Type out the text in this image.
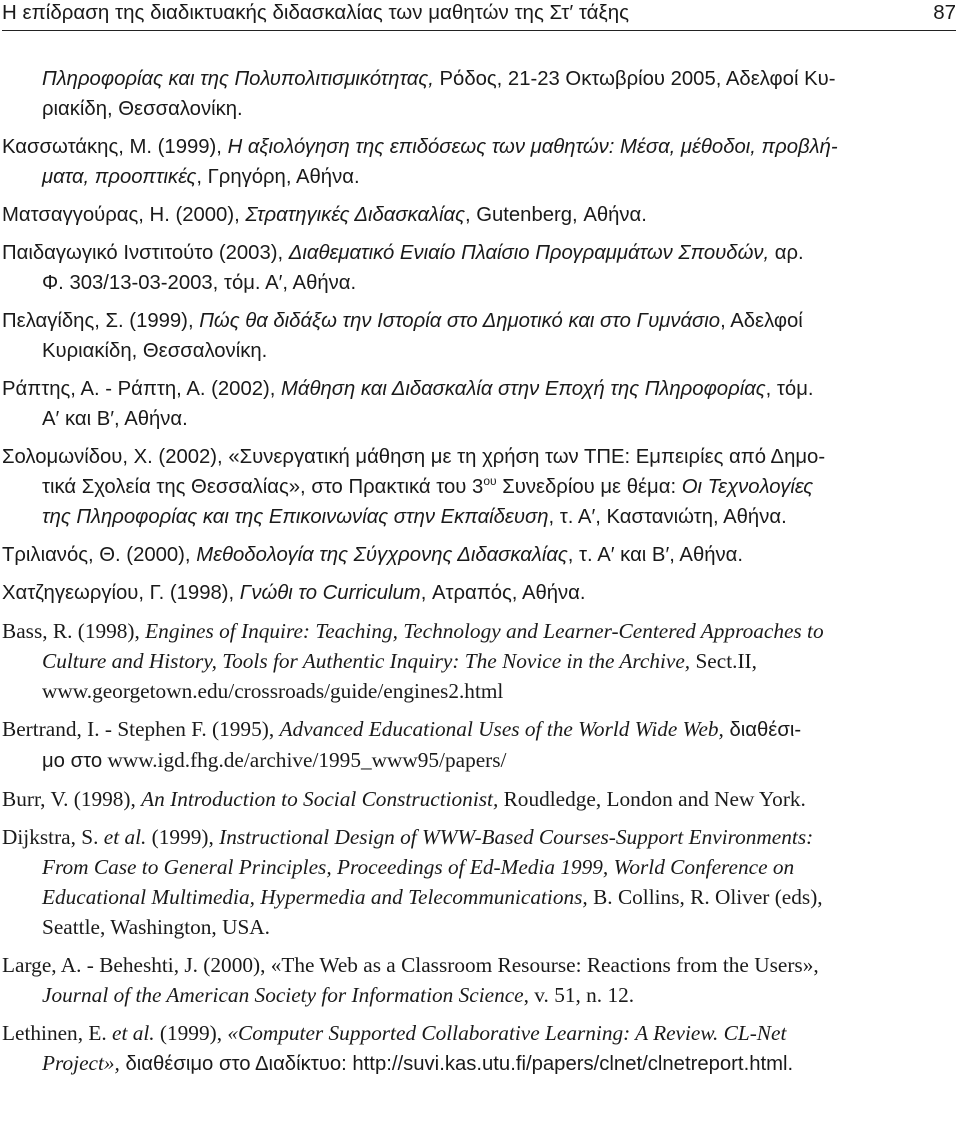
Η επίδραση της διαδικτυακής διδασκαλίας των μαθητών της Στ′ τάξης	87
Πληροφορίας και της Πολυπολιτισμικότητας, Ρόδος, 21-23 Οκτωβρίου 2005, Αδελφοί Κυ-
ριακίδη, Θεσσαλονίκη.
Κασσωτάκης, Μ. (1999), Η αξιολόγηση της επιδόσεως των μαθητών: Μέσα, μέθοδοι, προβλή-
ματα, προοπτικές, Γρηγόρη, Αθήνα.
Ματσαγγούρας, Η. (2000), Στρατηγικές Διδασκαλίας, Gutenberg, Αθήνα.
Παιδαγωγικό Ινστιτούτο (2003), Διαθεματικό Ενιαίο Πλαίσιο Προγραμμάτων Σπουδών, αρ.
Φ. 303/13-03-2003, τόμ. Α′, Αθήνα.
Πελαγίδης, Σ. (1999), Πώς θα διδάξω την Ιστορία στο Δημοτικό και στο Γυμνάσιο, Αδελφοί
Κυριακίδη, Θεσσαλονίκη.
Ράπτης, Α. - Ράπτη, Α. (2002), Μάθηση και Διδασκαλία στην Εποχή της Πληροφορίας, τόμ.
Α′ και Β′, Αθήνα.
Σολομωνίδου, Χ. (2002), «Συνεργατική μάθηση με τη χρήση των ΤΠΕ: Εμπειρίες από Δημο-
τικά Σχολεία της Θεσσαλίας», στο Πρακτικά του $3^{o\upsilon}$ Συνεδρίου με θέμα: Οι Τεχνολογίες
της Πληροφορίας και της Επικοινωνίας στην Εκπαίδευση, τ. Α′, Καστανιώτη, Αθήνα.
Τριλιανός, Θ. (2000), Μεθοδολογία της Σύγχρονης Διδασκαλίας, τ. Α′ και Β′, Αθήνα.
Χατζηγεωργίου, Γ. (1998), Γνώθι το Curriculum, Ατραπός, Αθήνα.
Bass, R. (1998), Engines of Inquire: Teaching, Technology and Learner-Centered Approaches to
Culture and History, Tools for Authentic Inquiry: The Novice in the Archive, Sect.II,
www.georgetown.edu/crossroads/guide/engines2.html
Bertrand, I. - Stephen F. (1995), Advanced Educational Uses of the World Wide Web, διαθέσι-
μο στο www.igd.fhg.de/archive/1995_www95/papers/
Burr, V. (1998), An Introduction to Social Constructionist, Roudledge, London and New York.
Dijkstra, S. et al. (1999), Instructional Design of WWW-Based Courses-Support Environments:
From Case to General Principles, Proceedings of Ed-Media 1999, World Conference on
Educational Multimedia, Hypermedia and Telecommunications, B. Collins, R. Oliver (eds),
Seattle, Washington, USA.
Large, A. - Beheshti, J. (2000), «The Web as a Classroom Resourse: Reactions from the Users»,
Journal of the American Society for Information Science, v. 51, n. 12.
Lethinen, E. et al. (1999), «Computer Supported Collaborative Learning: A Review. CL-Net
Project», διαθέσιμο στο Διαδίκτυο: http://suvi.kas.utu.fi/papers/clnet/clnetreport.html.
